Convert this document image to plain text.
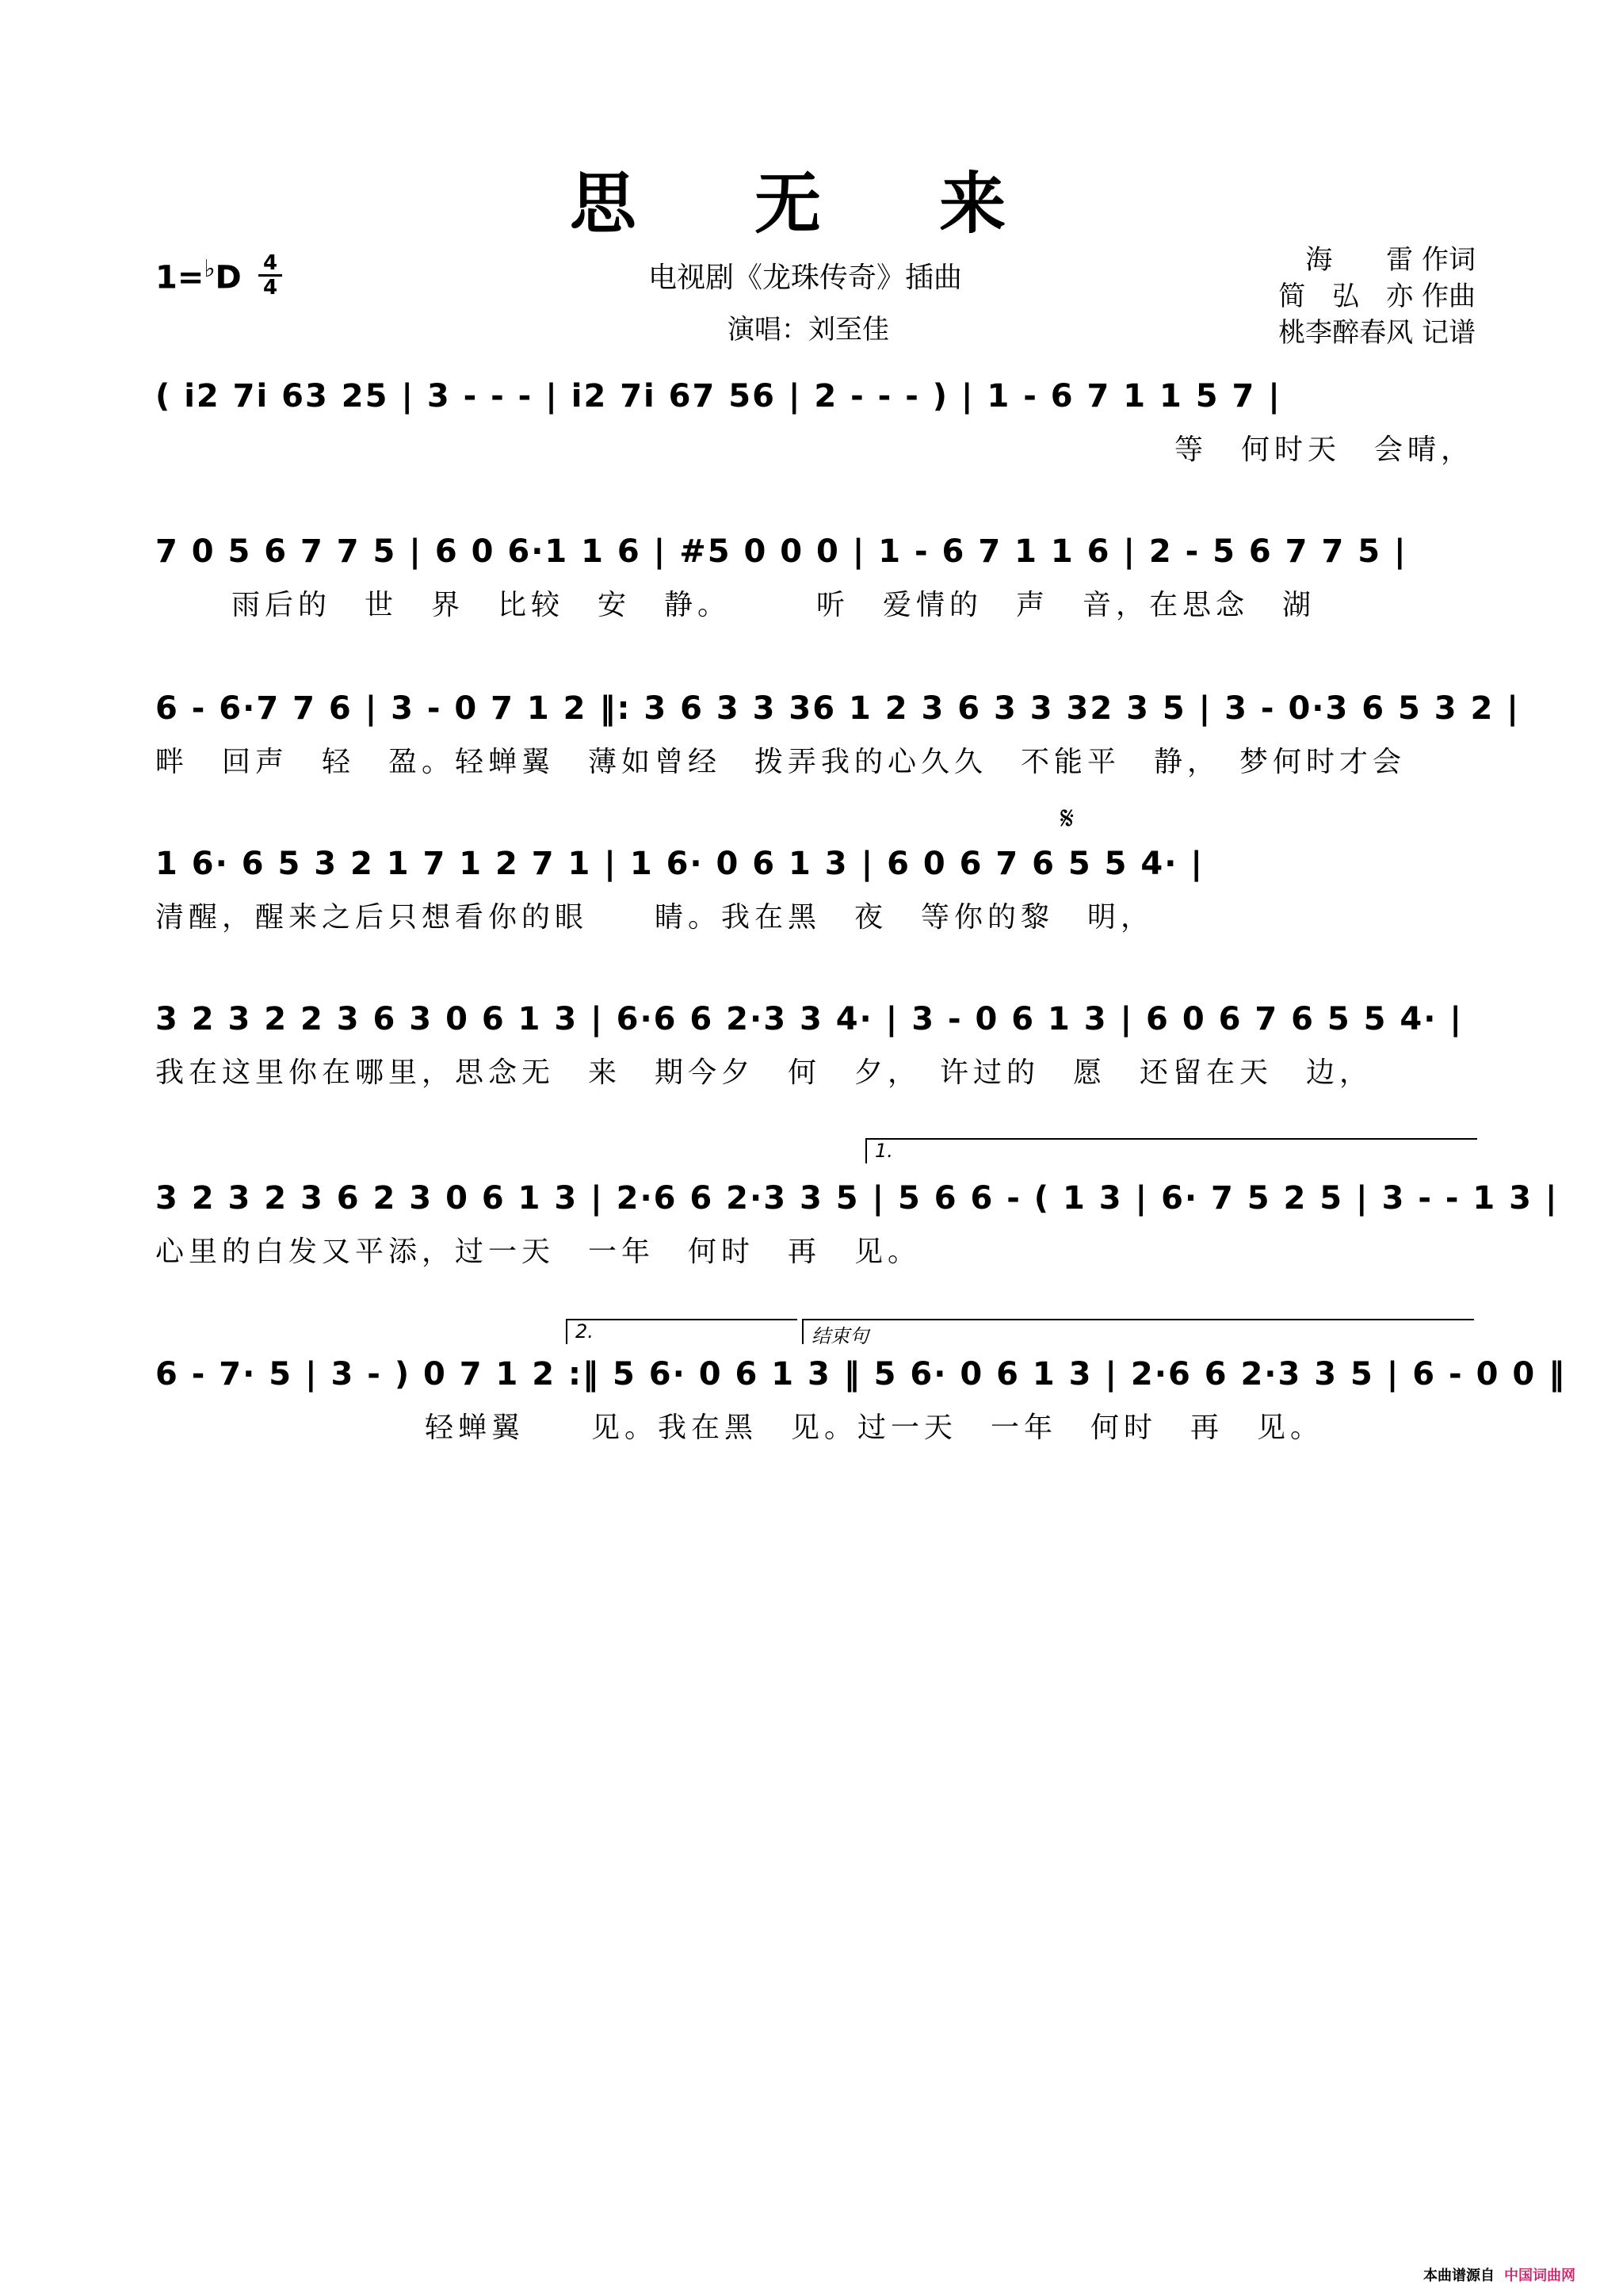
思 无 来
1=♭D 4
4	电视剧《龙珠传奇》插曲
演唱：刘至佳
海　　雷 作词
简　弘　亦 作曲
桃李醉春风 记谱
( i2 7i 63 25 | 3 - - - | i2 7i 67 56 | 2 - - - ) | 1 - 6 7 1 1 5 7 |
等　何时天　会晴，
7 0 5 6 7 7 5 | 6 0 6·1 1 6 | #5 0 0 0 | 1 - 6 7 1 1 6 | 2 - 5 6 7 7 5 |
雨后的　世　界　比较　安　静。　　　听　爱情的　声　音，在思念　湖
6 - 6·7 7 6 | 3 - 0 7 1 2 ‖: 3 6 3 3 36 1 2 3 6 3 3 32 3 5 | 3 - 0·3 6 5 3 2 |
畔　回声　轻　盈。轻蝉翼　薄如曾经　拨弄我的心久久　不能平　静，　梦何时才会
𝄋
1 6· 6 5 3 2 1 7 1 2 7 1 | 1 6· 0 6 1 3 | 6 0 6 7 6 5 5 4· |
清醒，醒来之后只想看你的眼　　睛。我在黑　夜　等你的黎　明，
3 2 3 2 2 3 6 3 0 6 1 3 | 6·6 6 2·3 3 4· | 3 - 0 6 1 3 | 6 0 6 7 6 5 5 4· |
我在这里你在哪里，思念无　来　期今夕　何　夕，　许过的　愿　还留在天　边，
1.
3 2 3 2 3 6 2 3 0 6 1 3 | 2·6 6 2·3 3 5 | 5 6 6 - ( 1 3 | 6· 7 5 2 5 | 3 - - 1 3 |
心里的白发又平添，过一天　一年　何时　再　见。
2.	结束句
6 - 7· 5 | 3 - ) 0 7 1 2 :‖ 5 6· 0 6 1 3 ‖ 5 6· 0 6 1 3 | 2·6 6 2·3 3 5 | 6 - 0 0 ‖
轻蝉翼　　见。我在黑　见。过一天　一年　何时　再　见。
本曲谱源自 中国词曲网
